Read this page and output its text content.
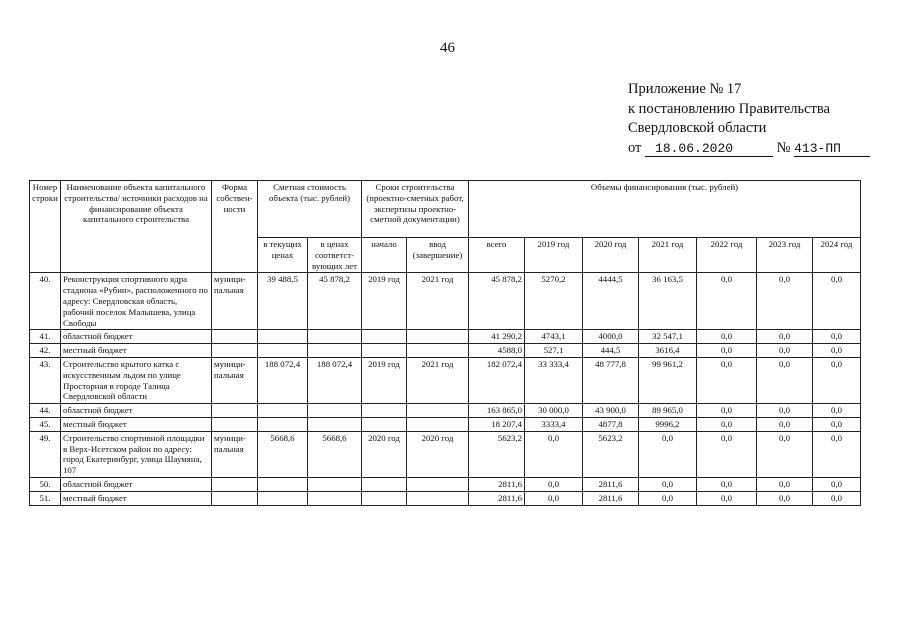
46
Приложение № 17
к постановлению Правительства
Свердловской области
от 18.06.2020	№ 413-ПП
Номер строки	Наименование объекта капитального строительства/ источники расходов на финансирование объекта капитального строительства	Форма собствен-ности	Сметная стоимость объекта (тыс. рублей)		Сроки строительства (проектно-сметных работ, экспертизы проектно-сметной документации)		Объемы финансирования (тыс. рублей)						
			в текущих ценах	в ценах соответст-вующих лет	начало	ввод (завершение)	всего	2019 год	2020 год	2021 год	2022 год	2023 год	2024 год
40.	Реконструкция спортивного ядра стадиона «Рубин», расположенного по адресу: Свердловская область, рабочий поселок Малышева, улица Свободы	муници-пальная	39 488,5	45 878,2	2019 год	2021 год	45 878,2	5270,2	4444,5	36 163,5	0,0	0,0	0,0
41.	областной бюджет						41 290,2	4743,1	4000,0	32 547,1	0,0	0,0	0,0
42.	местный бюджет						4588,0	527,1	444,5	3616,4	0,0	0,0	0,0
43.	Строительство крытого катка с искусственным льдом по улице Просторная в городе Талица Свердловской области	муници-пальная	188 072,4	188 072,4	2019 год	2021 год	182 072,4	33 333,4	48 777,8	99 961,2	0,0	0,0	0,0
44.	областной бюджет						163 865,0	30 000,0	43 900,0	89 965,0	0,0	0,0	0,0
45.	местный бюджет						18 207,4	3333,4	4877,8	9996,2	0,0	0,0	0,0
49.	Строительство спортивной площадки в Верх-Исетском район по адресу: город Екатеринбург, улица Шаумяна, 107	муници-пальная	5668,6	5668,6	2020 год	2020 год	5623,2	0,0	5623,2	0,0	0,0	0,0	0,0
50.	областной бюджет						2811,6	0,0	2811,6	0,0	0,0	0,0	0,0
51.	местный бюджет						2811,6	0,0	2811,6	0,0	0,0	0,0	0,0
